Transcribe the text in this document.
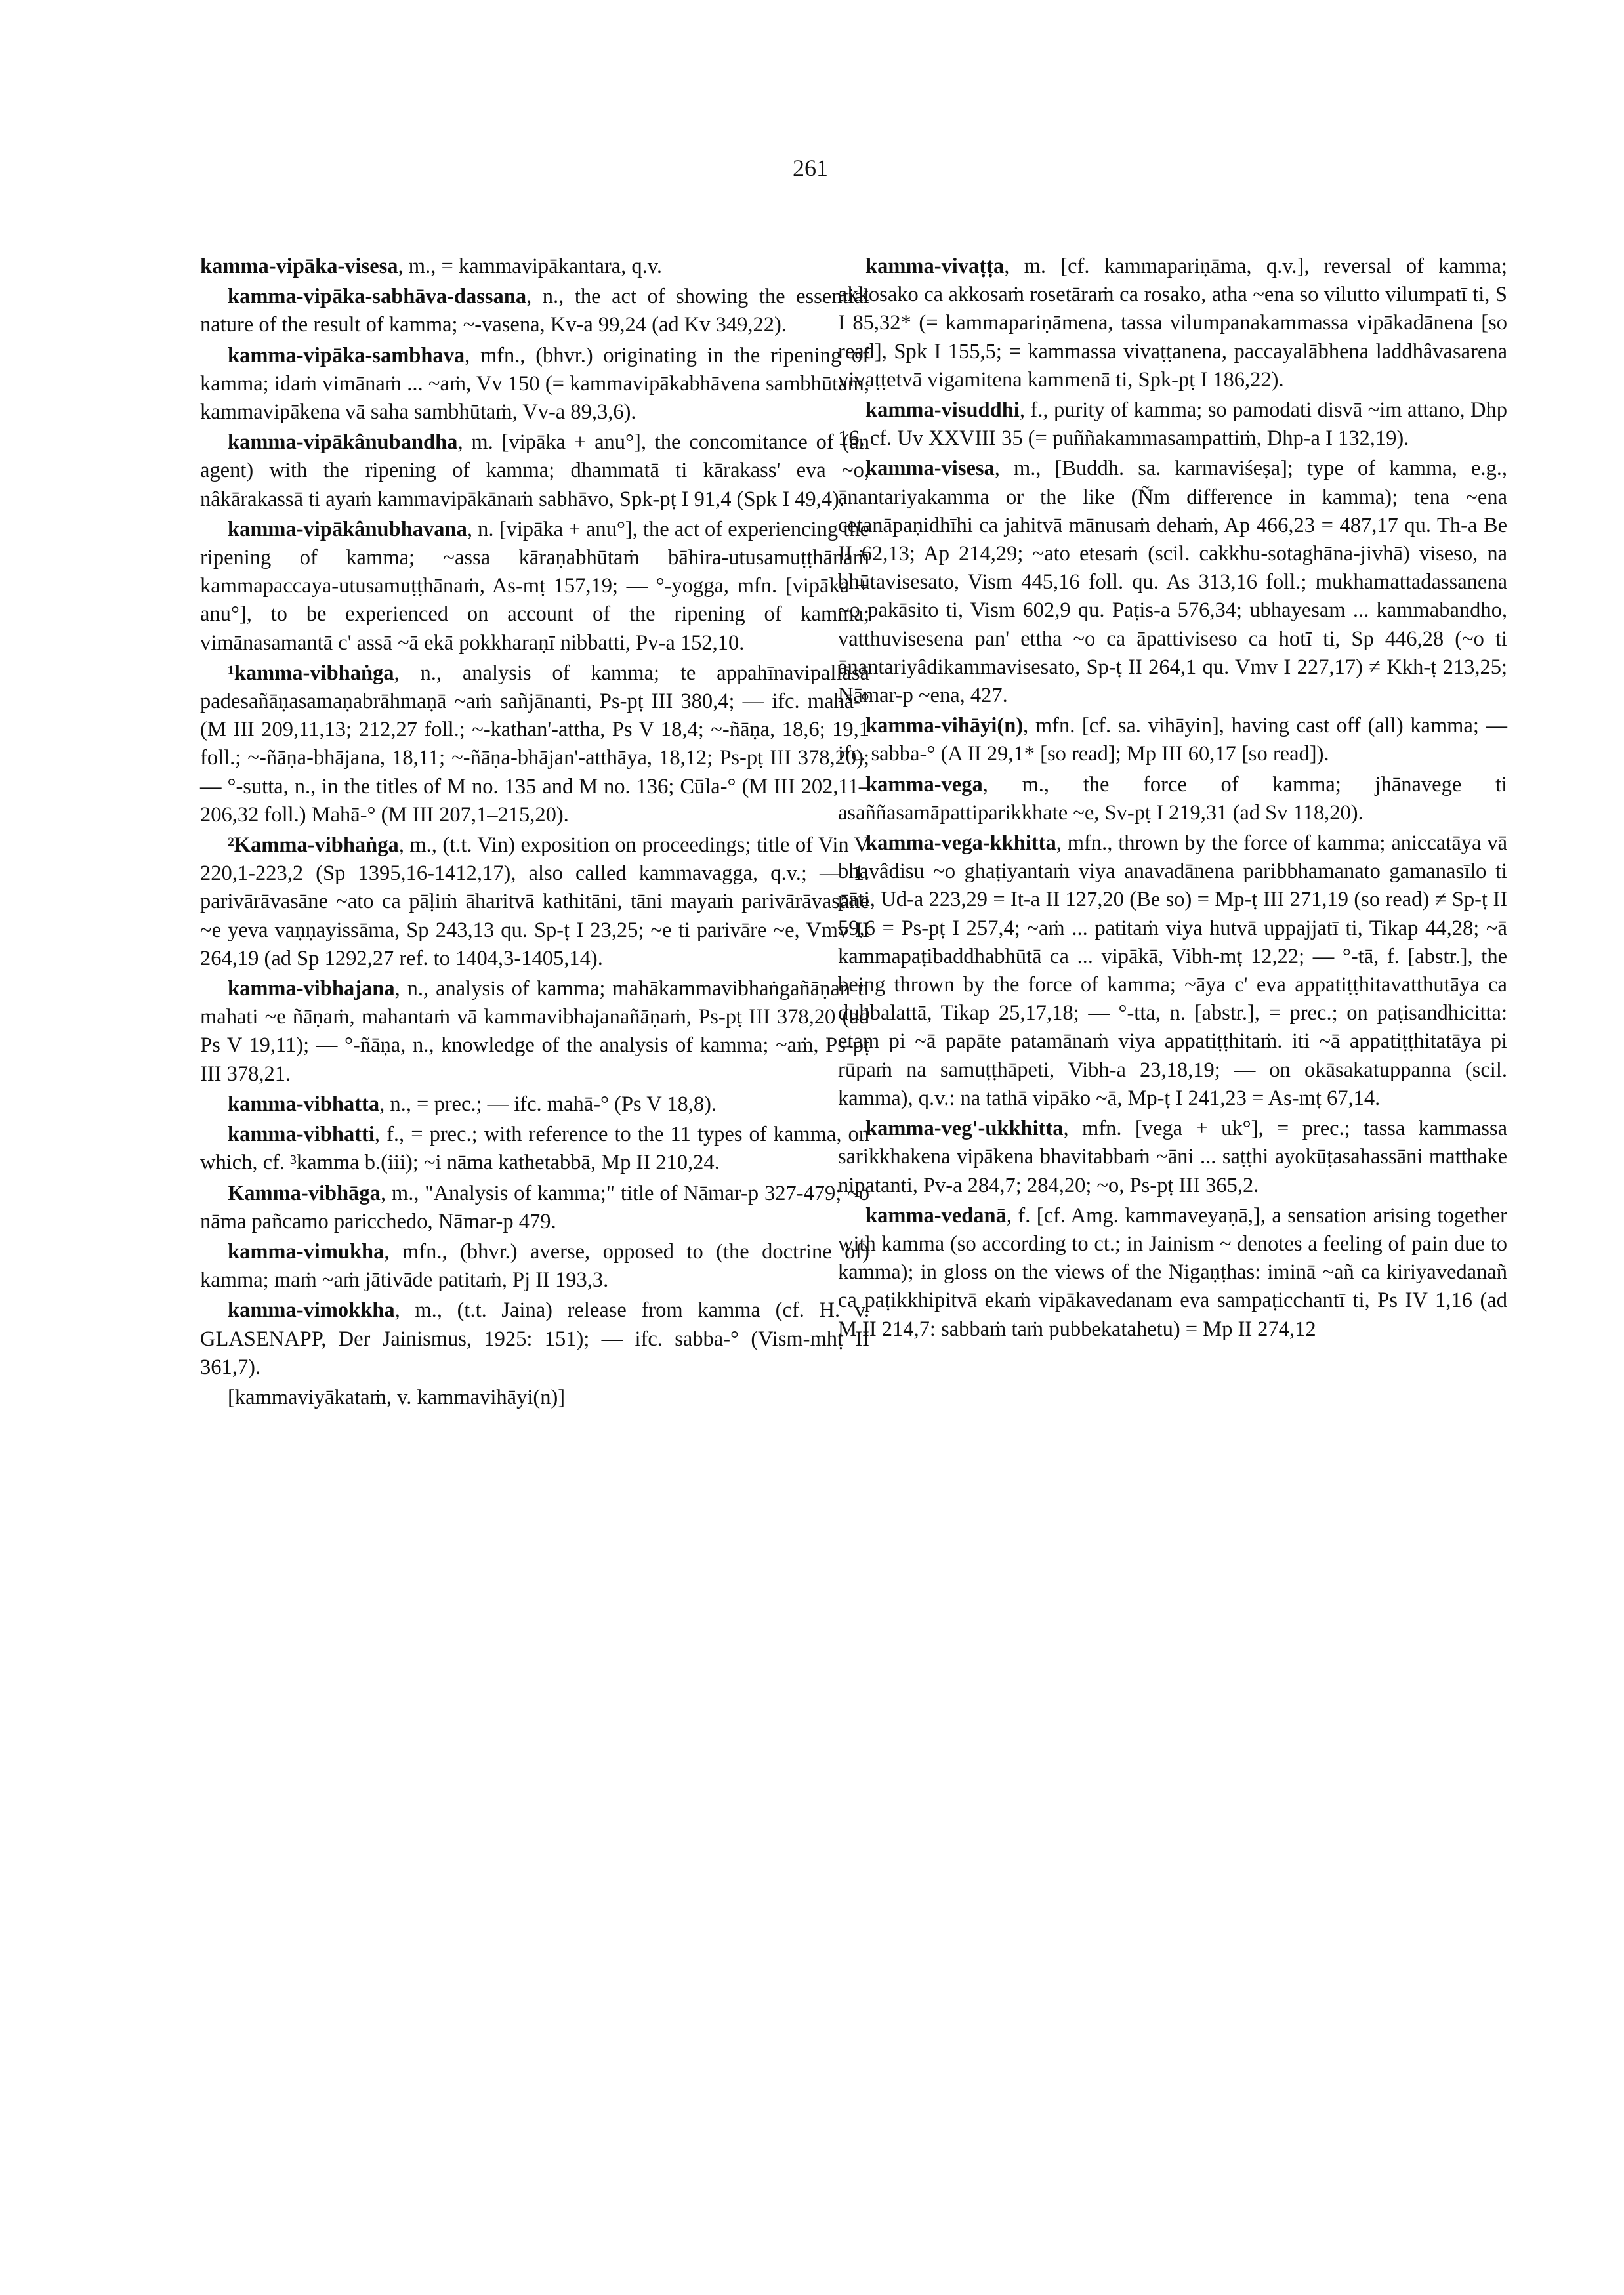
261

kamma-vipāka-visesa, m., = kammavipākantara, q.v.

kamma-vipāka-sabhāva-dassana, n., the act of showing the essential nature of the result of kamma; ~-vasena, Kv-a 99,24 (ad Kv 349,22).

kamma-vipāka-sambhava, mfn., (bhvr.) originating in the ripening of kamma; idaṁ vimānaṁ ... ~aṁ, Vv 150 (= kammavipākabhāvena sambhūtaṁ, kammavipākena vā saha sambhūtaṁ, Vv-a 89,3,6).

kamma-vipākânubandha, m. [vipāka + anu°], the concomitance of (an agent) with the ripening of kamma; dhammatā ti kārakass' eva ~o, nâkārakassā ti ayaṁ kammavipākānaṁ sabhāvo, Spk-pṭ I 91,4 (Spk I 49,4).

kamma-vipākânubhavana, n. [vipāka + anu°], the act of experiencing the ripening of kamma; ~assa kāraṇabhūtaṁ bāhira-utusamuṭṭhānaṁ kammapaccaya-utusamuṭṭhānaṁ, As-mṭ 157,19; — °-yogga, mfn. [vipāka + anu°], to be experienced on account of the ripening of kamma; vimānasamantā c' assā ~ā ekā pokkharaṇī nibbatti, Pv-a 152,10.

¹kamma-vibhaṅga, n., analysis of kamma; te appahīnavipallāsā padesañāṇasamaṇabrāhmaṇā ~aṁ sañjānanti, Ps-pṭ III 380,4; — ifc. mahā-° (M III 209,11,13; 212,27 foll.; ~-kathan'-attha, Ps V 18,4; ~-ñāṇa, 18,6; 19,1 foll.; ~-ñāṇa-bhājana, 18,11; ~-ñāṇa-bhājan'-atthāya, 18,12; Ps-pṭ III 378,20); — °-sutta, n., in the titles of M no. 135 and M no. 136; Cūla-° (M III 202,11–206,32 foll.) Mahā-° (M III 207,1–215,20).

²Kamma-vibhaṅga, m., (t.t. Vin) exposition on proceedings; title of Vin V 220,1-223,2 (Sp 1395,16-1412,17), also called kammavagga, q.v.; — 1. parivārāvasāne ~ato ca pāḷiṁ āharitvā kathitāni, tāni mayaṁ parivārāvasāne ~e yeva vaṇṇayissāma, Sp 243,13 qu. Sp-ṭ I 23,25; ~e ti parivāre ~e, Vmv II 264,19 (ad Sp 1292,27 ref. to 1404,3-1405,14).

kamma-vibhajana, n., analysis of kamma; mahākammavibhaṅgañāṇan ti mahati ~e ñāṇaṁ, mahantaṁ vā kammavibhajanañāṇaṁ, Ps-pṭ III 378,20 (ad Ps V 19,11); — °-ñāṇa, n., knowledge of the analysis of kamma; ~aṁ, Ps-pṭ III 378,21.

kamma-vibhatta, n., = prec.; — ifc. mahā-° (Ps V 18,8).

kamma-vibhatti, f., = prec.; with reference to the 11 types of kamma, on which, cf. ³kamma b.(iii); ~i nāma kathetabbā, Mp II 210,24.

Kamma-vibhāga, m., "Analysis of kamma;" title of Nāmar-p 327-479; ~o nāma pañcamo paricchedo, Nāmar-p 479.

kamma-vimukha, mfn., (bhvr.) averse, opposed to (the doctrine of) kamma; maṁ ~aṁ jātivāde patitaṁ, Pj II 193,3.

kamma-vimokkha, m., (t.t. Jaina) release from kamma (cf. H. v. GLASENAPP, Der Jainismus, 1925: 151); — ifc. sabba-° (Vism-mhṭ II 361,7).

[kammaviyākataṁ, v. kammavihāyi(n)]

kamma-vivaṭṭa, m. [cf. kammapariṇāma, q.v.], reversal of kamma; akkosako ca akkosaṁ rosetāraṁ ca rosako, atha ~ena so vilutto vilumpatī ti, S I 85,32* (= kammapariṇāmena, tassa vilumpanakammassa vipākadānena [so read], Spk I 155,5; = kammassa vivaṭṭanena, paccayalābhena laddhâvasarena vivaṭṭetvā vigamitena kammenā ti, Spk-pṭ I 186,22).

kamma-visuddhi, f., purity of kamma; so pamodati disvā ~im attano, Dhp 16, cf. Uv XXVIII 35 (= puññakammasampattiṁ, Dhp-a I 132,19).

kamma-visesa, m., [Buddh. sa. karmaviśeṣa]; type of kamma, e.g., ānantariyakamma or the like (Ñm difference in kamma); tena ~ena cetanāpaṇidhīhi ca jahitvā mānusaṁ dehaṁ, Ap 466,23 = 487,17 qu. Th-a Be II 62,13; Ap 214,29; ~ato etesaṁ (scil. cakkhu-sotaghāna-jivhā) viseso, na bhūtavisesato, Vism 445,16 foll. qu. As 313,16 foll.; mukhamattadassanena ~o pakāsito ti, Vism 602,9 qu. Paṭis-a 576,34; ubhayesam ... kammabandho, vatthuvisesena pan' ettha ~o ca āpattiviseso ca hotī ti, Sp 446,28 (~o ti ānantariyâdikammavisesato, Sp-ṭ II 264,1 qu. Vmv I 227,17) ≠ Kkh-ṭ 213,25; Nāmar-p ~ena, 427.

kamma-vihāyi(n), mfn. [cf. sa. vihāyin], having cast off (all) kamma; — ifc. sabba-° (A II 29,1* [so read]; Mp III 60,17 [so read]).

kamma-vega, m., the force of kamma; jhānavege ti asaññasamāpattiparikkhate ~e, Sv-pṭ I 219,31 (ad Sv 118,20).

kamma-vega-kkhitta, mfn., thrown by the force of kamma; aniccatāya vā bhavâdisu ~o ghaṭiyantaṁ viya anavadānena paribbhamanato gamanasīlo ti pāti, Ud-a 223,29 = It-a II 127,20 (Be so) = Mp-ṭ III 271,19 (so read) ≠ Sp-ṭ II 59,6 = Ps-pṭ I 257,4; ~aṁ ... patitaṁ viya hutvā uppajjatī ti, Tikap 44,28; ~ā kammapaṭibaddhabhūtā ca ... vipākā, Vibh-mṭ 12,22; — °-tā, f. [abstr.], the being thrown by the force of kamma; ~āya c' eva appatiṭṭhitavatthutāya ca dubbalattā, Tikap 25,17,18; — °-tta, n. [abstr.], = prec.; on paṭisandhicitta: etam pi ~ā papāte patamānaṁ viya appatiṭṭhitaṁ. iti ~ā appatiṭṭhitatāya pi rūpaṁ na samuṭṭhāpeti, Vibh-a 23,18,19; — on okāsakatuppanna (scil. kamma), q.v.: na tathā vipāko ~ā, Mp-ṭ I 241,23 = As-mṭ 67,14.

kamma-veg'-ukkhitta, mfn. [vega + uk°], = prec.; tassa kammassa sarikkhakena vipākena bhavitabbaṁ ~āni ... saṭṭhi ayokūṭasahassāni matthake nipatanti, Pv-a 284,7; 284,20; ~o, Ps-pṭ III 365,2.

kamma-vedanā, f. [cf. Amg. kammaveyaṇā,], a sensation arising together with kamma (so according to ct.; in Jainism ~ denotes a feeling of pain due to kamma); in gloss on the views of the Nigaṇṭhas: iminā ~añ ca kiriyavedanañ ca paṭikkhipitvā ekaṁ vipākavedanam eva sampaṭicchantī ti, Ps IV 1,16 (ad M II 214,7: sabbaṁ taṁ pubbekatahetu) = Mp II 274,12
